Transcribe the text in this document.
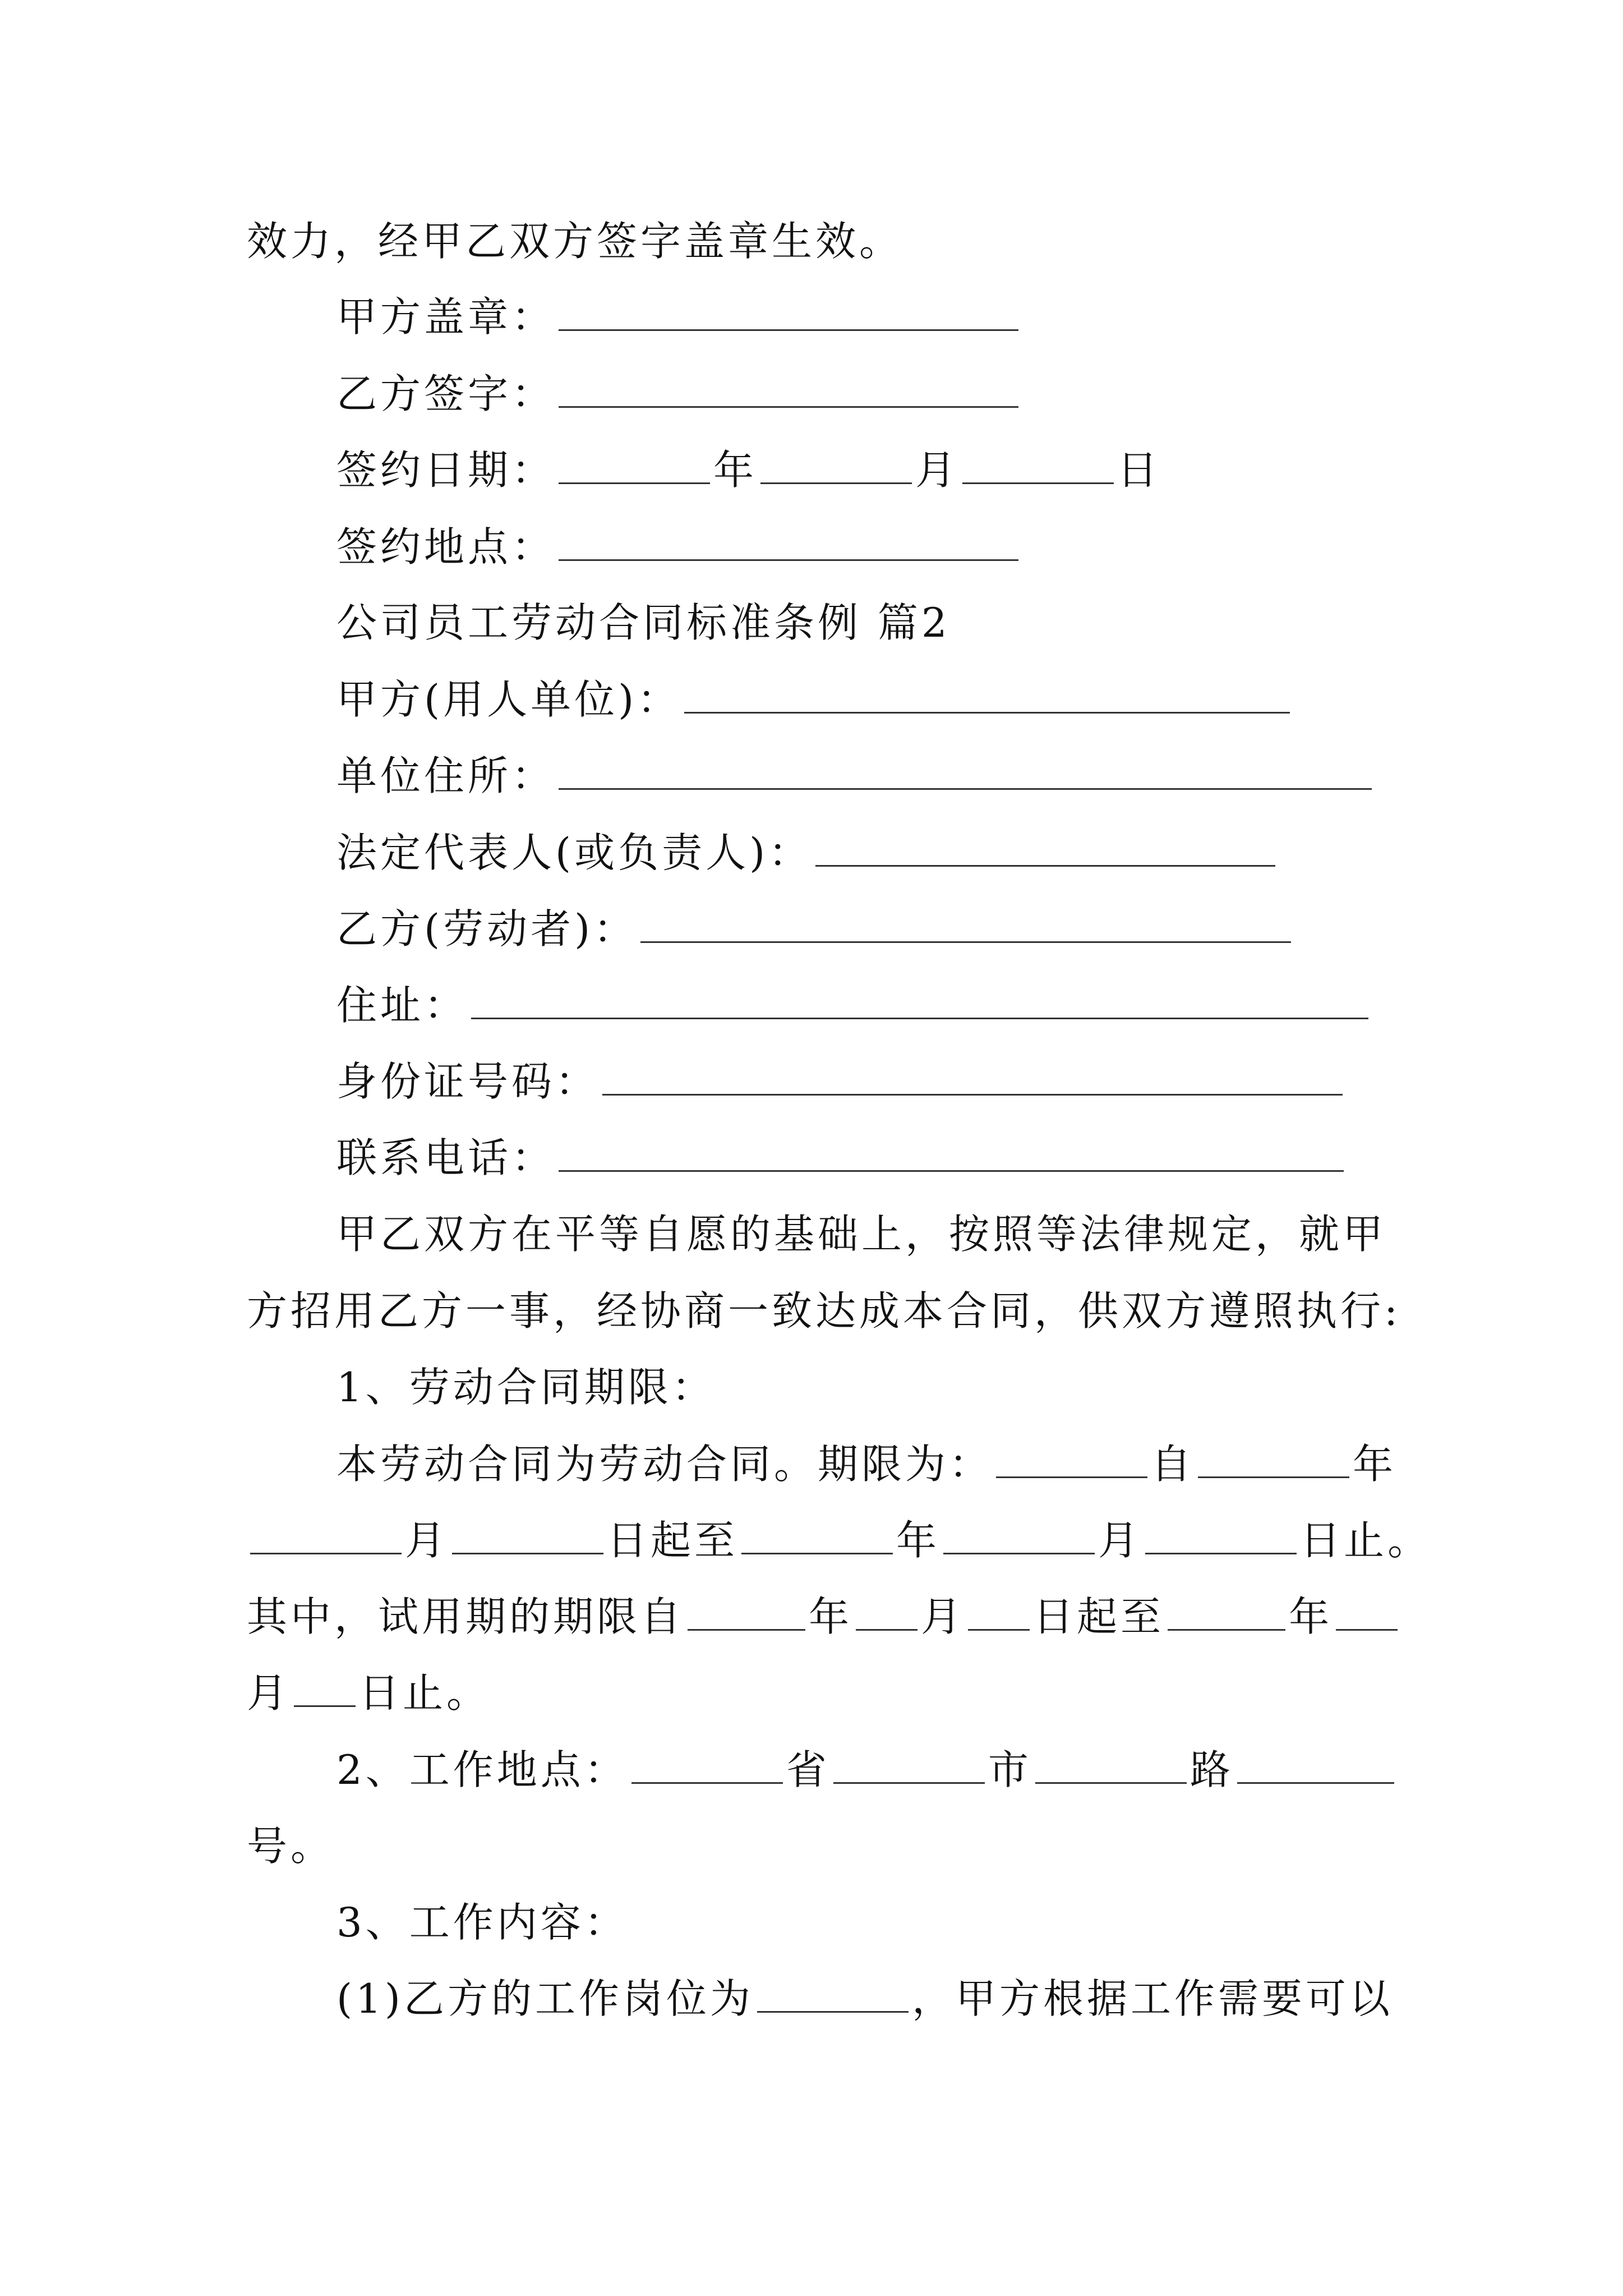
效力，经甲乙双方签字盖章生效。
甲方盖章：
乙方签字：
签约日期：	年	月	日
签约地点：
公司员工劳动合同标准条例 篇2
甲方(用人单位)：
单位住所：
法定代表人(或负责人)：
乙方(劳动者)：
住址：
身份证号码：
联系电话：
甲乙双方在平等自愿的基础上，按照等法律规定，就甲
方招用乙方一事，经协商一致达成本合同，供双方遵照执行:
1、劳动合同期限：
本劳动合同为劳动合同。期限为：	自	年
月	日起至	年	月	日止。
其中，试用期的期限自	年 月 日起至	年
月 日止。
2、工作地点：	省	市	路
号。
3、工作内容：
(1)乙方的工作岗位为	，甲方根据工作需要可以
